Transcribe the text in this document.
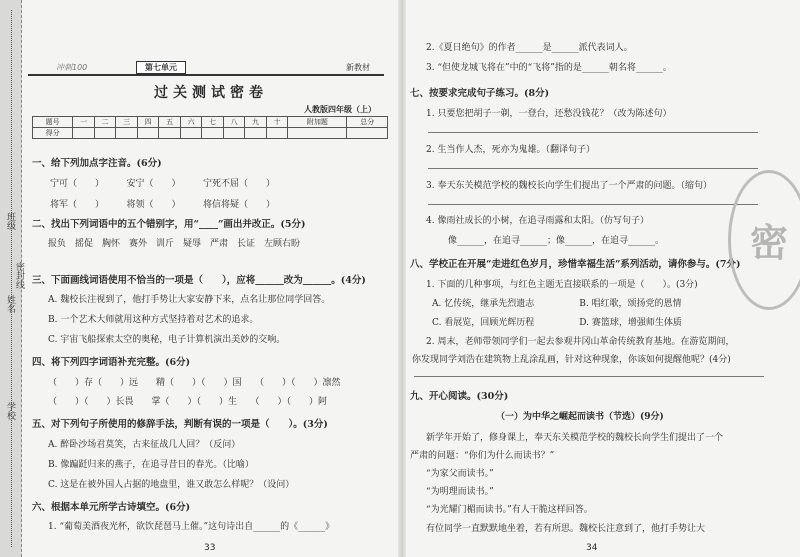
班级
姓名
密封线
学校
冲刺100	第七单元	新教材
过关测试密卷
人教版四年级（上）
题号	一	二	三	四	五	六	七	八	九	十	附加题	总分
得分												
一、给下列加点字注音。(6分)
宁可（　　）　　　安宁（　　）　　　宁死不屈（　　）
将军（　　）　　　将领（　　）　　　将信将疑（　　）
二、找出下列词语中的五个错别字，用“____”画出并改正。(5分)
报负　摇促　胸怀　赛外　训斤　疑辱　严肃　长证　左顾右盼
三、下面画线词语使用不恰当的一项是（　　），应将______改为______。(4分)
A. 魏校长注视到了，他打手势让大家安静下来，点名让那位同学回答。
B. 一个艺术大师就用这种方式坚持着对艺术的追求。
C. 宇宙飞船探索太空的奥秘，电子计算机演出美妙的交响。
四、将下列四字词语补充完整。(6分)
（　　）存（　　）远　　精（　　）（　　）国　　（　　）（　　）凛然
（　　）（　　）长畏　　掌（　　）（　　）生　　（　　）（　　）阿
五、对下列句子所使用的修辞手法，判断有误的一项是（　　）。(3分)
A. 醉卧沙场君莫笑，古来征战几人回？（反问）
B. 像蹁跹归来的燕子，在追寻昔日的春光。（比喻）
C. 这是在被外国人占据的地盘里，谁又敢怎么样呢？（设问）
六、根据本单元所学古诗填空。(6分)
1. “葡萄美酒夜光杯，欲饮琵琶马上催。”这句诗出自______的《______》
33
2.《夏日绝句》的作者______是______派代表词人。
3. “但使龙城飞将在”中的“飞将”指的是______朝名将______。
七、按要求完成句子练习。(8分)
1. 只要您把胡子一剃，一登台，还愁没钱花？（改为陈述句）
2. 生当作人杰，死亦为鬼雄。（翻译句子）
3. 奉天东关模范学校的魏校长向学生们提出了一个严肃的问题。（缩句）
4. 像雨社成长的小树，在追寻雨露和太阳。（仿写句子）
像______，在追寻______；像______，在追寻______。
八、学校正在开展“走进红色岁月，珍惜幸福生活”系列活动，请你参与。(7分)
1. 下面的几种事项，与红色主题无直接联系的一项是（　　）。(3分)
A. 忆传统，继承先烈遗志　　　　　B. 唱红歌，颂扬党的恩情
C. 看展览，回顾光辉历程　　　　　D. 赛篮球，增强师生体质
2. 周末，老师带领同学们一起去参观井冈山革命传统教育基地。在游览期间，
你发现同学刘浩在建筑物上乱涂乱画，针对这种现象，你该如何提醒他呢？(4分)
九、开心阅读。(30分)
（一）为中华之崛起而读书（节选）(9分)
新学年开始了，修身课上，奉天东关模范学校的魏校长向学生们提出了一个
严肃的问题：“你们为什么而读书？”
“为家父而读书。”
“为明理而读书。”
“为光耀门楣而读书。”有人干脆这样回答。
有位同学一直默默地坐着，若有所思。魏校长注意到了，他打手势让大
34
密
